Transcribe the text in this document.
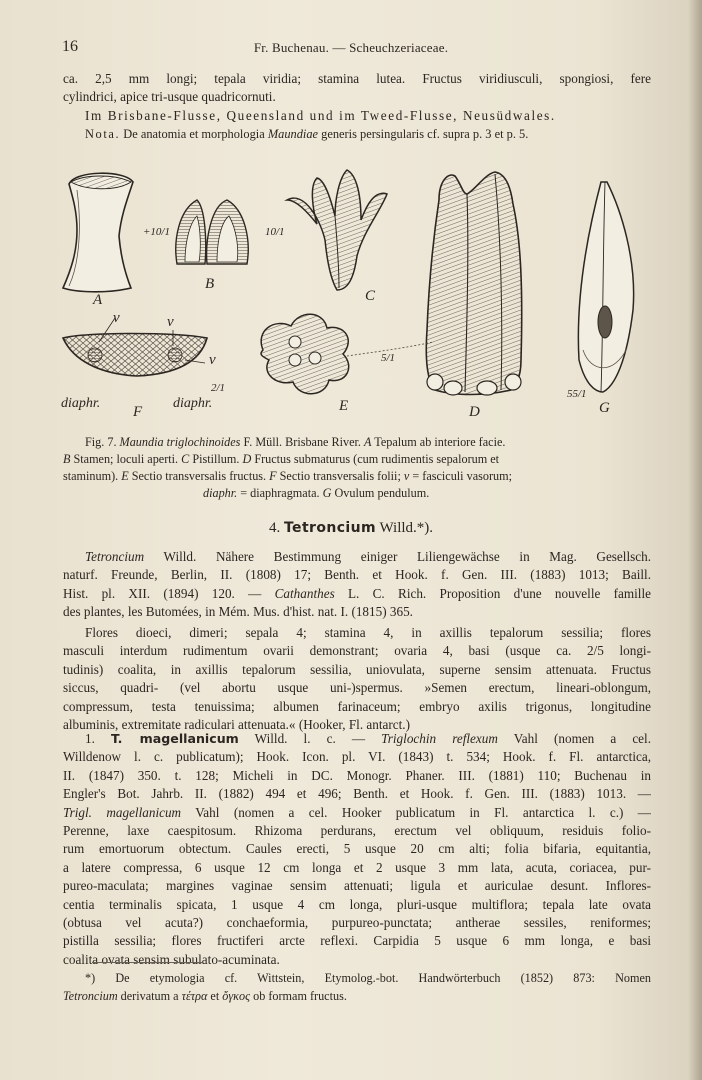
16	Fr. Buchenau. — Scheuchzeriaceae.
ca. 2,5 mm longi; tepala viridia; stamina lutea. Fructus viridiusculi, spongiosi, fere
cylindrici, apice tri-usque quadricornuti.
Im Brisbane-Flusse, Queensland und im Tweed-Flusse, Neusüdwales.
Nota. De anatomia et morphologia Maundiae generis persingularis cf. supra p. 3 et p. 5.
+10/1	10/1
5/1
2/1	55/1
A
B
C
D
E
F	G
v	v
v
diaphr.	diaphr.
Fig. 7. Maundia triglochinoides F. Müll. Brisbane River. A Tepalum ab interiore facie.
B Stamen; loculi aperti. C Pistillum. D Fructus submaturus (cum rudimentis sepalorum et
staminum). E Sectio transversalis fructus. F Sectio transversalis folii; v = fasciculi vasorum;
diaphr. = diaphragmata. G Ovulum pendulum.
4. Tetroncium Willd.*).
Tetroncium Willd. Nähere Bestimmung einiger Liliengewächse in Mag. Gesellsch.
naturf. Freunde, Berlin, II. (1808) 17; Benth. et Hook. f. Gen. III. (1883) 1013; Baill.
Hist. pl. XII. (1894) 120. — Cathanthes L. C. Rich. Proposition d'une nouvelle famille
des plantes, les Butomées, in Mém. Mus. d'hist. nat. I. (1815) 365.
Flores dioeci, dimeri; sepala 4; stamina 4, in axillis tepalorum sessilia; flores
masculi interdum rudimentum ovarii demonstrant; ovaria 4, basi (usque ca. 2/5 longi-
tudinis) coalita, in axillis tepalorum sessilia, uniovulata, superne sensim attenuata. Fructus
siccus, quadri- (vel abortu usque uni-)spermus. »Semen erectum, lineari-oblongum,
compressum, testa tenuissima; albumen farinaceum; embryo axilis trigonus, longitudine
albuminis, extremitate radiculari attenuata.« (Hooker, Fl. antarct.)
1. T. magellanicum Willd. l. c. — Triglochin reflexum Vahl (nomen a cel.
Willdenow l. c. publicatum); Hook. Icon. pl. VI. (1843) t. 534; Hook. f. Fl. antarctica,
II. (1847) 350. t. 128; Micheli in DC. Monogr. Phaner. III. (1881) 110; Buchenau in
Engler's Bot. Jahrb. II. (1882) 494 et 496; Benth. et Hook. f. Gen. III. (1883) 1013. —
Trigl. magellanicum Vahl (nomen a cel. Hooker publicatum in Fl. antarctica l. c.) —
Perenne, laxe caespitosum. Rhizoma perdurans, erectum vel obliquum, residuis folio-
rum emortuorum obtectum. Caules erecti, 5 usque 20 cm alti; folia bifaria, equitantia,
a latere compressa, 6 usque 12 cm longa et 2 usque 3 mm lata, acuta, coriacea, pur-
pureo-maculata; margines vaginae sensim attenuati; ligula et auriculae desunt. Inflores-
centia terminalis spicata, 1 usque 4 cm longa, pluri-usque multiflora; tepala late ovata
(obtusa vel acuta?) conchaeformia, purpureo-punctata; antherae sessiles, reniformes;
pistilla sessilia; flores fructiferi arcte reflexi. Carpidia 5 usque 6 mm longa, e basi
coalita ovata sensim subulato-acuminata.
*) De etymologia cf. Wittstein, Etymolog.-bot. Handwörterbuch (1852) 873: Nomen
Tetroncium derivatum a τέτρα et ὄγκος ob formam fructus.
